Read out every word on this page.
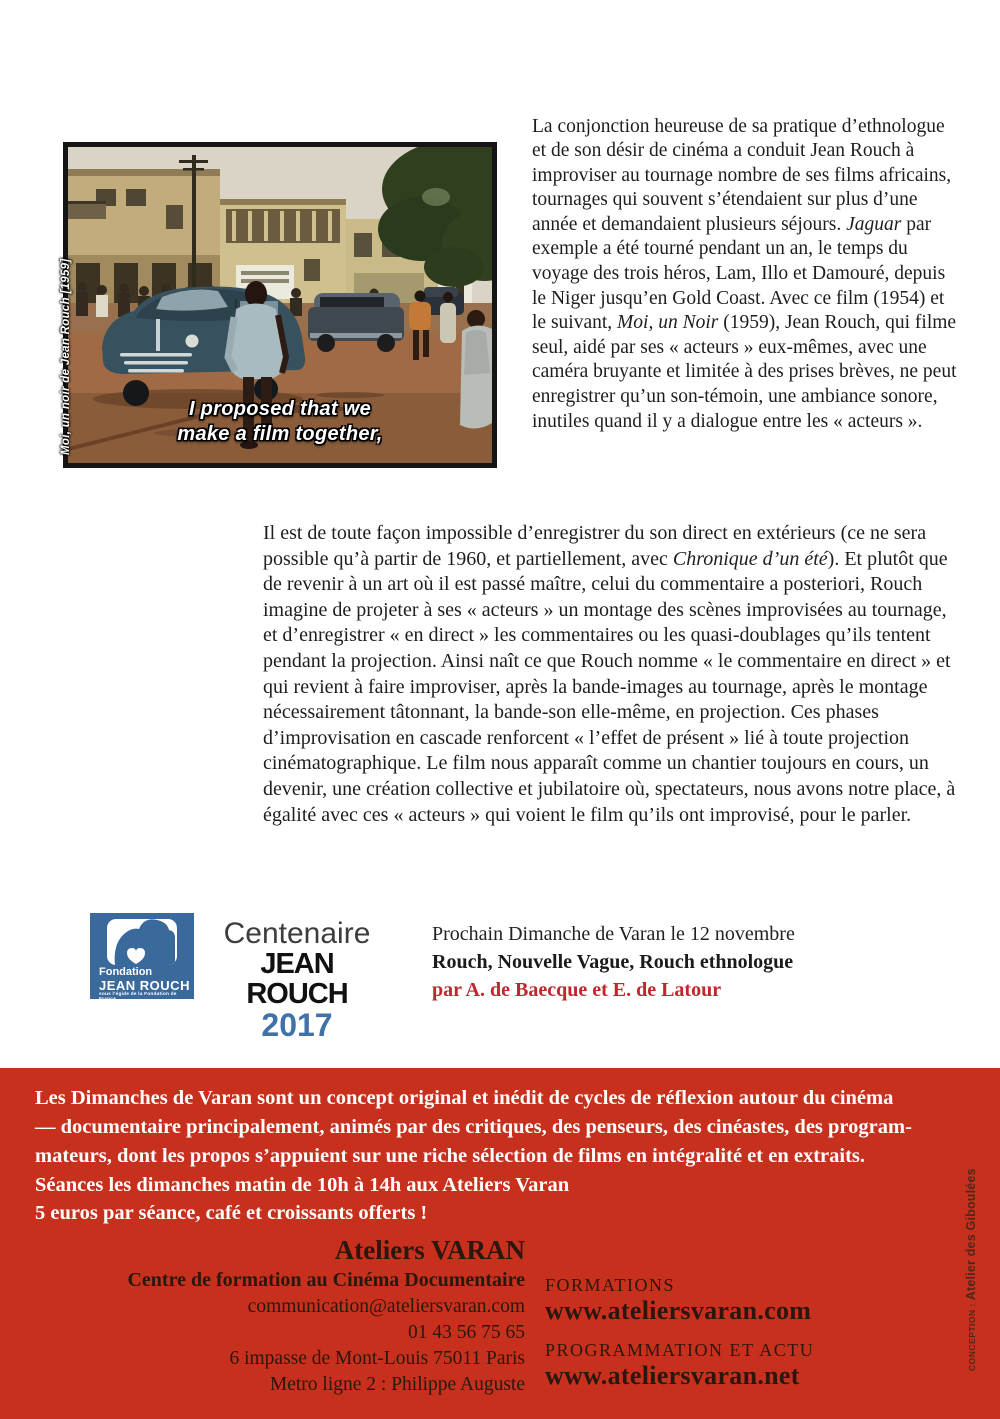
Moi, un noir de Jean Rouch [1959]	I proposed that we
make a film together,

La conjonction heureuse de sa pratique d’ethnologue et de son désir de cinéma a conduit Jean Rouch à improviser au tournage nombre de ses films africains, tournages qui souvent s’étendaient sur plus d’une année et demandaient plusieurs séjours. Jaguar par exemple a été tourné pendant un an, le temps du voyage des trois héros, Lam, Illo et Damouré, depuis le Niger jusqu’en Gold Coast. Avec ce film (1954) et le suivant, Moi, un Noir (1959), Jean Rouch, qui filme seul, aidé par ses « acteurs » eux-mêmes, avec une caméra bruyante et limitée à des prises brèves, ne peut enregistrer qu’un son-témoin, une ambiance sonore, inutiles quand il y a dialogue entre les « acteurs ».

Il est de toute façon impossible d’enregistrer du son direct en extérieurs (ce ne sera possible qu’à partir de 1960, et partiellement, avec Chronique d’un été). Et plutôt que de revenir à un art où il est passé maître, celui du commentaire a posteriori, Rouch imagine de projeter à ses « acteurs » un montage des scènes improvisées au tournage, et d’enregistrer « en direct » les commentaires ou les quasi-doublages qu’ils tentent pendant la projection. Ainsi naît ce que Rouch nomme « le commentaire en direct » et qui revient à faire improviser, après la bande-images au tournage, après le montage nécessairement tâtonnant, la bande-son elle-même, en projection. Ces phases d’improvisation en cascade renforcent « l’effet de présent » lié à toute projection cinématographique. Le film nous apparaît comme un chantier toujours en cours, un devenir, une création collective et jubilatoire où, spectateurs, nous avons notre place, à égalité avec ces « acteurs » qui voient le film qu’ils ont improvisé, pour le parler.

Fondation
JEAN ROUCH
sous l’égide de la Fondation de France
Centenaire
JEAN ROUCH
2017
Prochain Dimanche de Varan le 12 novembre
Rouch, Nouvelle Vague, Rouch ethnologue
par A. de Baecque et E. de Latour
Les Dimanches de Varan sont un concept original et inédit de cycles de réflexion autour du cinéma
— documentaire principalement, animés par des critiques, des penseurs, des cinéastes, des program-
mateurs, dont les propos s’appuient sur une riche sélection de films en intégralité et en extraits.
Séances les dimanches matin de 10h à 14h aux Ateliers Varan
5 euros par séance, café et croissants offerts !
Ateliers VARAN
Centre de formation au Cinéma Documentaire
communication@ateliersvaran.com
01 43 56 75 65
6 impasse de Mont-Louis 75011 Paris
Metro ligne 2 : Philippe Auguste
FORMATIONS
www.ateliersvaran.com
PROGRAMMATION ET ACTU
www.ateliersvaran.net
CONCEPTION : Atelier des Giboulées
